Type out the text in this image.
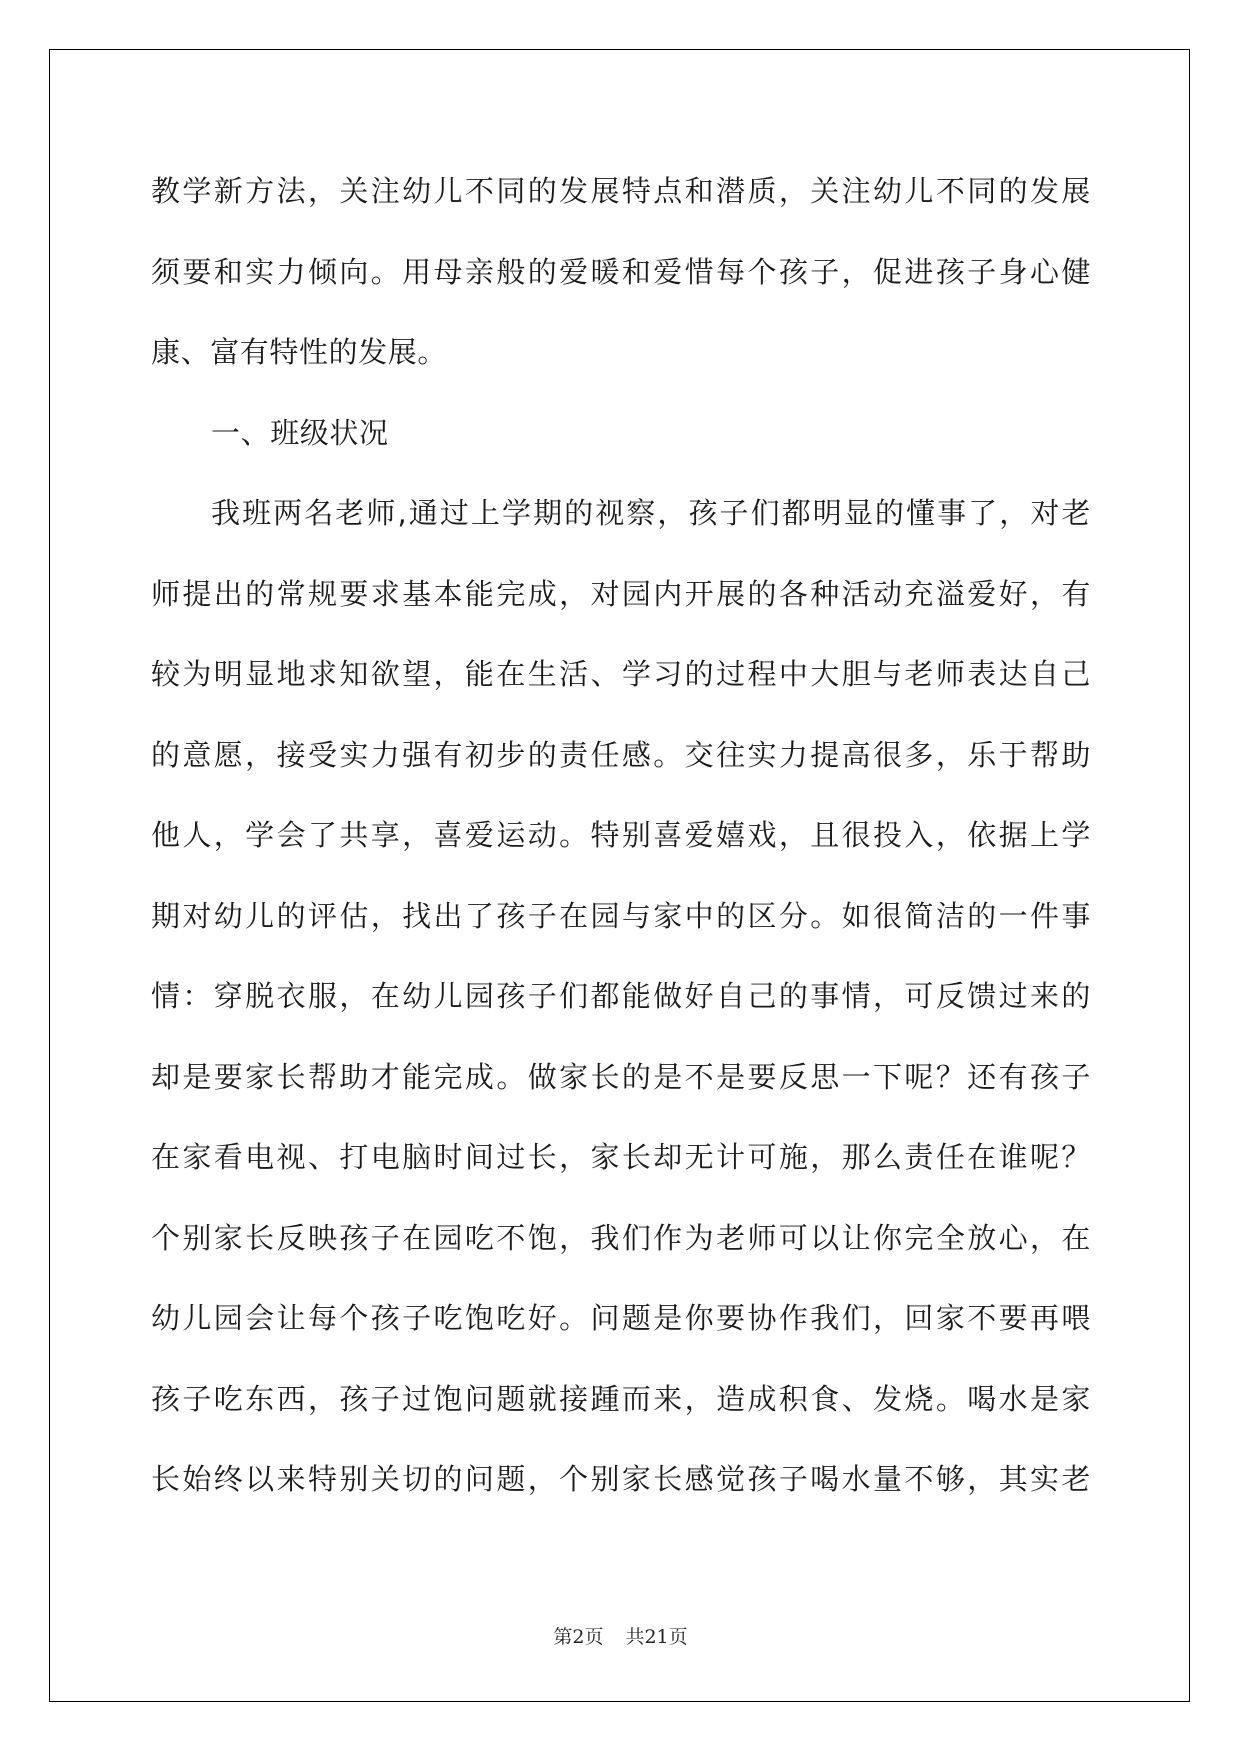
教学新方法，关注幼儿不同的发展特点和潜质，关注幼儿不同的发展
须要和实力倾向。用母亲般的爱暖和爱惜每个孩子，促进孩子身心健
康、富有特性的发展。
一、班级状况
我班两名老师,通过上学期的视察，孩子们都明显的懂事了，对老
师提出的常规要求基本能完成，对园内开展的各种活动充溢爱好，有
较为明显地求知欲望，能在生活、学习的过程中大胆与老师表达自己
的意愿，接受实力强有初步的责任感。交往实力提高很多，乐于帮助
他人，学会了共享，喜爱运动。特别喜爱嬉戏，且很投入，依据上学
期对幼儿的评估，找出了孩子在园与家中的区分。如很简洁的一件事
情：穿脱衣服，在幼儿园孩子们都能做好自己的事情，可反馈过来的
却是要家长帮助才能完成。做家长的是不是要反思一下呢？还有孩子
在家看电视、打电脑时间过长，家长却无计可施，那么责任在谁呢？
个别家长反映孩子在园吃不饱，我们作为老师可以让你完全放心，在
幼儿园会让每个孩子吃饱吃好。问题是你要协作我们，回家不要再喂
孩子吃东西，孩子过饱问题就接踵而来，造成积食、发烧。喝水是家
长始终以来特别关切的问题，个别家长感觉孩子喝水量不够，其实老
第2页 共21页
